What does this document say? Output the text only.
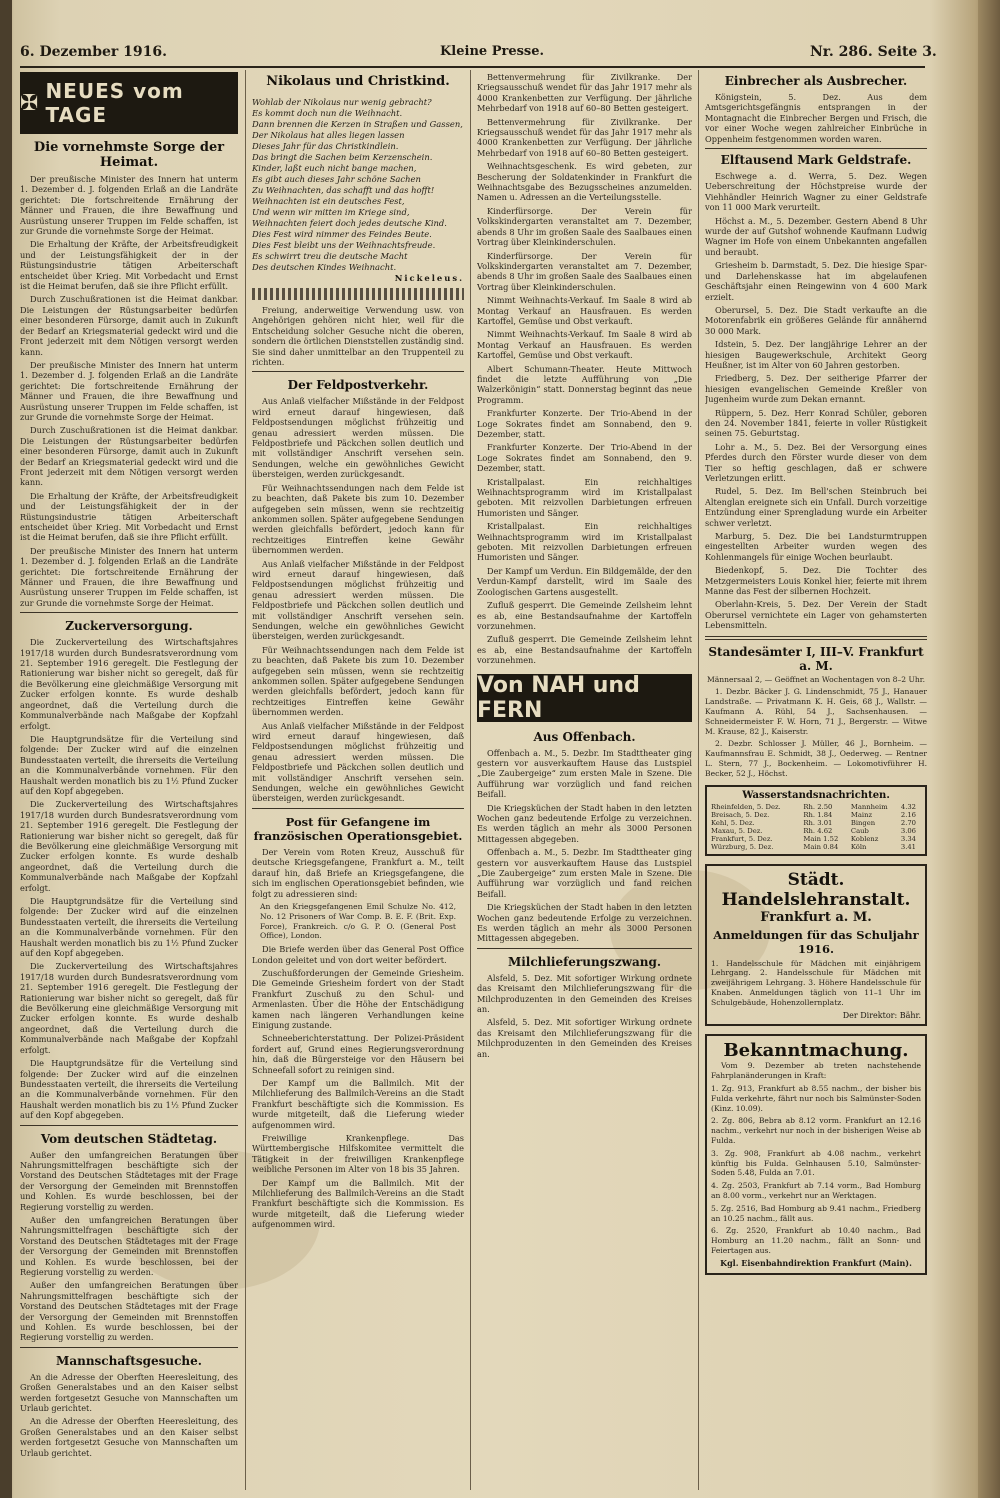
6. Dezember 1916.	Kleine Presse.	Nr. 286. Seite 3.
✠ NEUES vom TAGE
Die vornehmste Sorge der Heimat.

Der preußische Minister des Innern hat unterm 1. Dezember d. J. folgenden Erlaß an die Landräte gerichtet: Die fortschreitende Ernährung der Männer und Frauen, die ihre Bewaffnung und Ausrüstung unserer Truppen im Felde schaffen, ist zur Grunde die vornehmste Sorge der Heimat.

Die Erhaltung der Kräfte, der Arbeitsfreudigkeit und der Leistungsfähigkeit der in der Rüstungsindustrie tätigen Arbeiterschaft entscheidet über Krieg. Mit Vorbedacht und Ernst ist die Heimat berufen, daß sie ihre Pflicht erfüllt.

Durch Zuschußrationen ist die Heimat dankbar. Die Leistungen der Rüstungsarbeiter bedürfen einer besonderen Fürsorge, damit auch in Zukunft der Bedarf an Kriegsmaterial gedeckt wird und die Front jederzeit mit dem Nötigen versorgt werden kann.

Der preußische Minister des Innern hat unterm 1. Dezember d. J. folgenden Erlaß an die Landräte gerichtet: Die fortschreitende Ernährung der Männer und Frauen, die ihre Bewaffnung und Ausrüstung unserer Truppen im Felde schaffen, ist zur Grunde die vornehmste Sorge der Heimat.

Durch Zuschußrationen ist die Heimat dankbar. Die Leistungen der Rüstungsarbeiter bedürfen einer besonderen Fürsorge, damit auch in Zukunft der Bedarf an Kriegsmaterial gedeckt wird und die Front jederzeit mit dem Nötigen versorgt werden kann.

Die Erhaltung der Kräfte, der Arbeitsfreudigkeit und der Leistungsfähigkeit der in der Rüstungsindustrie tätigen Arbeiterschaft entscheidet über Krieg. Mit Vorbedacht und Ernst ist die Heimat berufen, daß sie ihre Pflicht erfüllt.

Der preußische Minister des Innern hat unterm 1. Dezember d. J. folgenden Erlaß an die Landräte gerichtet: Die fortschreitende Ernährung der Männer und Frauen, die ihre Bewaffnung und Ausrüstung unserer Truppen im Felde schaffen, ist zur Grunde die vornehmste Sorge der Heimat.

Zuckerversorgung.

Die Zuckerverteilung des Wirtschaftsjahres 1917/18 wurden durch Bundesratsverordnung vom 21. September 1916 geregelt. Die Festlegung der Rationierung war bisher nicht so geregelt, daß für die Bevölkerung eine gleichmäßige Versorgung mit Zucker erfolgen konnte. Es wurde deshalb angeordnet, daß die Verteilung durch die Kommunalverbände nach Maßgabe der Kopfzahl erfolgt.

Die Hauptgrundsätze für die Verteilung sind folgende: Der Zucker wird auf die einzelnen Bundesstaaten verteilt, die ihrerseits die Verteilung an die Kommunalverbände vornehmen. Für den Haushalt werden monatlich bis zu 1½ Pfund Zucker auf den Kopf abgegeben.

Die Zuckerverteilung des Wirtschaftsjahres 1917/18 wurden durch Bundesratsverordnung vom 21. September 1916 geregelt. Die Festlegung der Rationierung war bisher nicht so geregelt, daß für die Bevölkerung eine gleichmäßige Versorgung mit Zucker erfolgen konnte. Es wurde deshalb angeordnet, daß die Verteilung durch die Kommunalverbände nach Maßgabe der Kopfzahl erfolgt.

Die Hauptgrundsätze für die Verteilung sind folgende: Der Zucker wird auf die einzelnen Bundesstaaten verteilt, die ihrerseits die Verteilung an die Kommunalverbände vornehmen. Für den Haushalt werden monatlich bis zu 1½ Pfund Zucker auf den Kopf abgegeben.

Die Zuckerverteilung des Wirtschaftsjahres 1917/18 wurden durch Bundesratsverordnung vom 21. September 1916 geregelt. Die Festlegung der Rationierung war bisher nicht so geregelt, daß für die Bevölkerung eine gleichmäßige Versorgung mit Zucker erfolgen konnte. Es wurde deshalb angeordnet, daß die Verteilung durch die Kommunalverbände nach Maßgabe der Kopfzahl erfolgt.

Die Hauptgrundsätze für die Verteilung sind folgende: Der Zucker wird auf die einzelnen Bundesstaaten verteilt, die ihrerseits die Verteilung an die Kommunalverbände vornehmen. Für den Haushalt werden monatlich bis zu 1½ Pfund Zucker auf den Kopf abgegeben.

Vom deutschen Städtetag.

Außer den umfangreichen Beratungen über Nahrungsmittelfragen beschäftigte sich der Vorstand des Deutschen Städtetages mit der Frage der Versorgung der Gemeinden mit Brennstoffen und Kohlen. Es wurde beschlossen, bei der Regierung vorstellig zu werden.

Außer den umfangreichen Beratungen über Nahrungsmittelfragen beschäftigte sich der Vorstand des Deutschen Städtetages mit der Frage der Versorgung der Gemeinden mit Brennstoffen und Kohlen. Es wurde beschlossen, bei der Regierung vorstellig zu werden.

Außer den umfangreichen Beratungen über Nahrungsmittelfragen beschäftigte sich der Vorstand des Deutschen Städtetages mit der Frage der Versorgung der Gemeinden mit Brennstoffen und Kohlen. Es wurde beschlossen, bei der Regierung vorstellig zu werden.

Mannschaftsgesuche.

An die Adresse der Oberften Heeresleitung, des Großen Generalstabes und an den Kaiser selbst werden fortgesetzt Gesuche von Mannschaften um Urlaub gerichtet.

An die Adresse der Oberften Heeresleitung, des Großen Generalstabes und an den Kaiser selbst werden fortgesetzt Gesuche von Mannschaften um Urlaub gerichtet.

Nikolaus und Christkind.
Wohlab der Nikolaus nur wenig gebracht?
Es kommt doch nun die Weihnacht.
Dann brennen die Kerzen in Straßen und Gassen,
Der Nikolaus hat alles liegen lassen
Dieses Jahr für das Christkindlein.
Das bringt die Sachen beim Kerzenschein.
Kinder, laßt euch nicht bange machen,
Es gibt auch dieses Jahr schöne Sachen
Zu Weihnachten, das schafft und das hofft!
Weihnachten ist ein deutsches Fest,
Und wenn wir mitten im Kriege sind,
Weihnachten feiert doch jedes deutsche Kind.
Dies Fest wird nimmer des Feindes Beute.
Dies Fest bleibt uns der Weihnachtsfreude.
Es schwirrt treu die deutsche Macht
Des deutschen Kindes Weihnacht.
Nickeleus.

Freiung, anderweitige Verwendung usw. von Angehörigen gehören nicht hier, weil für die Entscheidung solcher Gesuche nicht die oberen, sondern die örtlichen Dienststellen zuständig sind. Sie sind daher unmittelbar an den Truppenteil zu richten.

Der Feldpostverkehr.

Aus Anlaß vielfacher Mißstände in der Feldpost wird erneut darauf hingewiesen, daß Feldpostsendungen möglichst frühzeitig und genau adressiert werden müssen. Die Feldpostbriefe und Päckchen sollen deutlich und mit vollständiger Anschrift versehen sein. Sendungen, welche ein gewöhnliches Gewicht übersteigen, werden zurückgesandt.

Für Weihnachtssendungen nach dem Felde ist zu beachten, daß Pakete bis zum 10. Dezember aufgegeben sein müssen, wenn sie rechtzeitig ankommen sollen. Später aufgegebene Sendungen werden gleichfalls befördert, jedoch kann für rechtzeitiges Eintreffen keine Gewähr übernommen werden.

Aus Anlaß vielfacher Mißstände in der Feldpost wird erneut darauf hingewiesen, daß Feldpostsendungen möglichst frühzeitig und genau adressiert werden müssen. Die Feldpostbriefe und Päckchen sollen deutlich und mit vollständiger Anschrift versehen sein. Sendungen, welche ein gewöhnliches Gewicht übersteigen, werden zurückgesandt.

Für Weihnachtssendungen nach dem Felde ist zu beachten, daß Pakete bis zum 10. Dezember aufgegeben sein müssen, wenn sie rechtzeitig ankommen sollen. Später aufgegebene Sendungen werden gleichfalls befördert, jedoch kann für rechtzeitiges Eintreffen keine Gewähr übernommen werden.

Aus Anlaß vielfacher Mißstände in der Feldpost wird erneut darauf hingewiesen, daß Feldpostsendungen möglichst frühzeitig und genau adressiert werden müssen. Die Feldpostbriefe und Päckchen sollen deutlich und mit vollständiger Anschrift versehen sein. Sendungen, welche ein gewöhnliches Gewicht übersteigen, werden zurückgesandt.

Post für Gefangene im französischen Operationsgebiet.

Der Verein vom Roten Kreuz, Ausschuß für deutsche Kriegsgefangene, Frankfurt a. M., teilt darauf hin, daß Briefe an Kriegsgefangene, die sich im englischen Operationsgebiet befinden, wie folgt zu adressieren sind:

An den Kriegsgefangenen Emil Schulze No. 412, No. 12 Prisoners of War Comp. B. E. F. (Brit. Exp. Force), Frankreich. c/o G. P. O. (General Post Office), London.

Die Briefe werden über das General Post Office London geleitet und von dort weiter befördert.

Zuschußforderungen der Gemeinde Griesheim. Die Gemeinde Griesheim fordert von der Stadt Frankfurt Zuschuß zu den Schul- und Armenlasten. Über die Höhe der Entschädigung kamen nach längeren Verhandlungen keine Einigung zustande.

Schneeberichterstattung. Der Polizei-Präsident fordert auf, Grund eines Regierungsverordnung hin, daß die Bürgersteige vor den Häusern bei Schneefall sofort zu reinigen sind.

Der Kampf um die Ballmilch. Mit der Milchlieferung des Ballmilch-Vereins an die Stadt Frankfurt beschäftigte sich die Kommission. Es wurde mitgeteilt, daß die Lieferung wieder aufgenommen wird.

Freiwillige Krankenpflege. Das Württembergische Hilfskomitee vermittelt die Tätigkeit in der freiwilligen Krankenpflege weibliche Personen im Alter von 18 bis 35 Jahren.

Der Kampf um die Ballmilch. Mit der Milchlieferung des Ballmilch-Vereins an die Stadt Frankfurt beschäftigte sich die Kommission. Es wurde mitgeteilt, daß die Lieferung wieder aufgenommen wird.

Bettenvermehrung für Zivilkranke. Der Kriegsausschuß wendet für das Jahr 1917 mehr als 4000 Krankenbetten zur Verfügung. Der jährliche Mehrbedarf von 1918 auf 60–80 Betten gesteigert.

Bettenvermehrung für Zivilkranke. Der Kriegsausschuß wendet für das Jahr 1917 mehr als 4000 Krankenbetten zur Verfügung. Der jährliche Mehrbedarf von 1918 auf 60–80 Betten gesteigert.

Weihnachtsgeschenk. Es wird gebeten, zur Bescherung der Soldatenkinder in Frankfurt die Weihnachtsgabe des Bezugsscheines anzumelden. Namen u. Adressen an die Verteilungsstelle.

Kinderfürsorge. Der Verein für Volkskindergarten veranstaltet am 7. Dezember, abends 8 Uhr im großen Saale des Saalbaues einen Vortrag über Kleinkinderschulen.

Kinderfürsorge. Der Verein für Volkskindergarten veranstaltet am 7. Dezember, abends 8 Uhr im großen Saale des Saalbaues einen Vortrag über Kleinkinderschulen.

Nimmt Weihnachts-Verkauf. Im Saale 8 wird ab Montag Verkauf an Hausfrauen. Es werden Kartoffel, Gemüse und Obst verkauft.

Nimmt Weihnachts-Verkauf. Im Saale 8 wird ab Montag Verkauf an Hausfrauen. Es werden Kartoffel, Gemüse und Obst verkauft.

Albert Schumann-Theater. Heute Mittwoch findet die letzte Aufführung von „Die Walzerkönigin“ statt. Donnerstag beginnt das neue Programm.

Frankfurter Konzerte. Der Trio-Abend in der Loge Sokrates findet am Sonnabend, den 9. Dezember, statt.

Frankfurter Konzerte. Der Trio-Abend in der Loge Sokrates findet am Sonnabend, den 9. Dezember, statt.

Kristallpalast. Ein reichhaltiges Weihnachtsprogramm wird im Kristallpalast geboten. Mit reizvollen Darbietungen erfreuen Humoristen und Sänger.

Kristallpalast. Ein reichhaltiges Weihnachtsprogramm wird im Kristallpalast geboten. Mit reizvollen Darbietungen erfreuen Humoristen und Sänger.

Der Kampf um Verdun. Ein Bildgemälde, der den Verdun-Kampf darstellt, wird im Saale des Zoologischen Gartens ausgestellt.

Zufluß gesperrt. Die Gemeinde Zeilsheim lehnt es ab, eine Bestandsaufnahme der Kartoffeln vorzunehmen.

Zufluß gesperrt. Die Gemeinde Zeilsheim lehnt es ab, eine Bestandsaufnahme der Kartoffeln vorzunehmen.

Von NAH und FERN
Aus Offenbach.

Offenbach a. M., 5. Dezbr. Im Stadttheater ging gestern vor ausverkauftem Hause das Lustspiel „Die Zaubergeige“ zum ersten Male in Szene. Die Aufführung war vorzüglich und fand reichen Beifall.

Die Kriegsküchen der Stadt haben in den letzten Wochen ganz bedeutende Erfolge zu verzeichnen. Es werden täglich an mehr als 3000 Personen Mittagessen abgegeben.

Offenbach a. M., 5. Dezbr. Im Stadttheater ging gestern vor ausverkauftem Hause das Lustspiel „Die Zaubergeige“ zum ersten Male in Szene. Die Aufführung war vorzüglich und fand reichen Beifall.

Die Kriegsküchen der Stadt haben in den letzten Wochen ganz bedeutende Erfolge zu verzeichnen. Es werden täglich an mehr als 3000 Personen Mittagessen abgegeben.

Milchlieferungszwang.

Alsfeld, 5. Dez. Mit sofortiger Wirkung ordnete das Kreisamt den Milchlieferungszwang für die Milchproduzenten in den Gemeinden des Kreises an.

Alsfeld, 5. Dez. Mit sofortiger Wirkung ordnete das Kreisamt den Milchlieferungszwang für die Milchproduzenten in den Gemeinden des Kreises an.

Einbrecher als Ausbrecher.

Königstein, 5. Dez. Aus dem Amtsgerichtsgefängnis entsprangen in der Montagnacht die Einbrecher Bergen und Frisch, die vor einer Woche wegen zahlreicher Einbrüche in Oppenheim festgenommen worden waren.

Elftausend Mark Geldstrafe.

Eschwege a. d. Werra, 5. Dez. Wegen Ueberschreitung der Höchstpreise wurde der Viehhändler Heinrich Wagner zu einer Geldstrafe von 11 000 Mark verurteilt.

Höchst a. M., 5. Dezember. Gestern Abend 8 Uhr wurde der auf Gutshof wohnende Kaufmann Ludwig Wagner im Hofe von einem Unbekannten angefallen und beraubt.

Griesheim b. Darmstadt, 5. Dez. Die hiesige Spar- und Darlehenskasse hat im abgelaufenen Geschäftsjahr einen Reingewinn von 4 600 Mark erzielt.

Oberursel, 5. Dez. Die Stadt verkaufte an die Motorenfabrik ein größeres Gelände für annähernd 30 000 Mark.

Idstein, 5. Dez. Der langjährige Lehrer an der hiesigen Baugewerkschule, Architekt Georg Heußner, ist im Alter von 60 Jahren gestorben.

Friedberg, 5. Dez. Der seitherige Pfarrer der hiesigen evangelischen Gemeinde Kreßler von Jugenheim wurde zum Dekan ernannt.

Rüppern, 5. Dez. Herr Konrad Schüler, geboren den 24. November 1841, feierte in voller Rüstigkeit seinen 75. Geburtstag.

Lohr a. M., 5. Dez. Bei der Versorgung eines Pferdes durch den Förster wurde dieser von dem Tier so heftig geschlagen, daß er schwere Verletzungen erlitt.

Rudel, 5. Dez. Im Bell'schen Steinbruch bei Altenglan ereignete sich ein Unfall. Durch vorzeitige Entzündung einer Sprengladung wurde ein Arbeiter schwer verletzt.

Marburg, 5. Dez. Die bei Landsturmtruppen eingestellten Arbeiter wurden wegen des Kohlenmangels für einige Wochen beurlaubt.

Biedenkopf, 5. Dez. Die Tochter des Metzgermeisters Louis Konkel hier, feierte mit ihrem Manne das Fest der silbernen Hochzeit.

Oberlahn-Kreis, 5. Dez. Der Verein der Stadt Oberursel vernichtete ein Lager von gehamsterten Lebensmitteln.

Standesämter I, III–V. Frankfurt a. M.

Männersaal 2, — Geöffnet an Wochentagen von 8–2 Uhr.

1. Dezbr. Bäcker J. G. Lindenschmidt, 75 J., Hanauer Landstraße. — Privatmann K. H. Geis, 68 J., Wallstr. — Kaufmann A. Rühl, 54 J., Sachsenhausen. — Schneidermeister F. W. Horn, 71 J., Bergerstr. — Witwe M. Krause, 82 J., Kaiserstr.

2. Dezbr. Schlosser J. Müller, 46 J., Bornheim. — Kaufmannsfrau E. Schmidt, 38 J., Oederweg. — Rentner L. Stern, 77 J., Bockenheim. — Lokomotivführer H. Becker, 52 J., Höchst.

Wasserstandsnachrichten.
Rheinfelden, 5. Dez.	Rh. 2.50	Mannheim	4.32
Breisach, 5. Dez.	Rh. 1.84	Mainz	2.16
Kehl, 5. Dez.	Rh. 3.01	Bingen	2.70
Maxau, 5. Dez.	Rh. 4.62	Caub	3.06
Frankfurt, 5. Dez.	Main 1.52	Koblenz	3.34
Würzburg, 5. Dez.	Main 0.84	Köln	3.41
Städt. Handelslehranstalt.
Frankfurt a. M.
Anmeldungen für das Schuljahr 1916.

1. Handelsschule für Mädchen mit einjährigem Lehrgang. 2. Handelsschule für Mädchen mit zweijährigem Lehrgang. 3. Höhere Handelsschule für Knaben. Anmeldungen täglich von 11–1 Uhr im Schulgebäude, Hohenzollernplatz.

Der Direktor: Bähr.
Bekanntmachung.

Vom 9. Dezember ab treten nachstehende Fahrplanänderungen in Kraft:

1. Zg. 913, Frankfurt ab 8.55 nachm., der bisher bis Fulda verkehrte, fährt nur noch bis Salmünster-Soden (Kinz. 10.09).

2. Zg. 806, Bebra ab 8.12 vorm. Frankfurt an 12.16 nachm., verkehrt nur noch in der bisherigen Weise ab Fulda.

3. Zg. 908, Frankfurt ab 4.08 nachm., verkehrt künftig bis Fulda. Gelnhausen 5.10, Salmünster-Soden 5.48, Fulda an 7.01.

4. Zg. 2503, Frankfurt ab 7.14 vorm., Bad Homburg an 8.00 vorm., verkehrt nur an Werktagen.

5. Zg. 2516, Bad Homburg ab 9.41 nachm., Friedberg an 10.25 nachm., fällt aus.

6. Zg. 2520, Frankfurt ab 10.40 nachm., Bad Homburg an 11.20 nachm., fällt an Sonn- und Feiertagen aus.

Kgl. Eisenbahndirektion Frankfurt (Main).
